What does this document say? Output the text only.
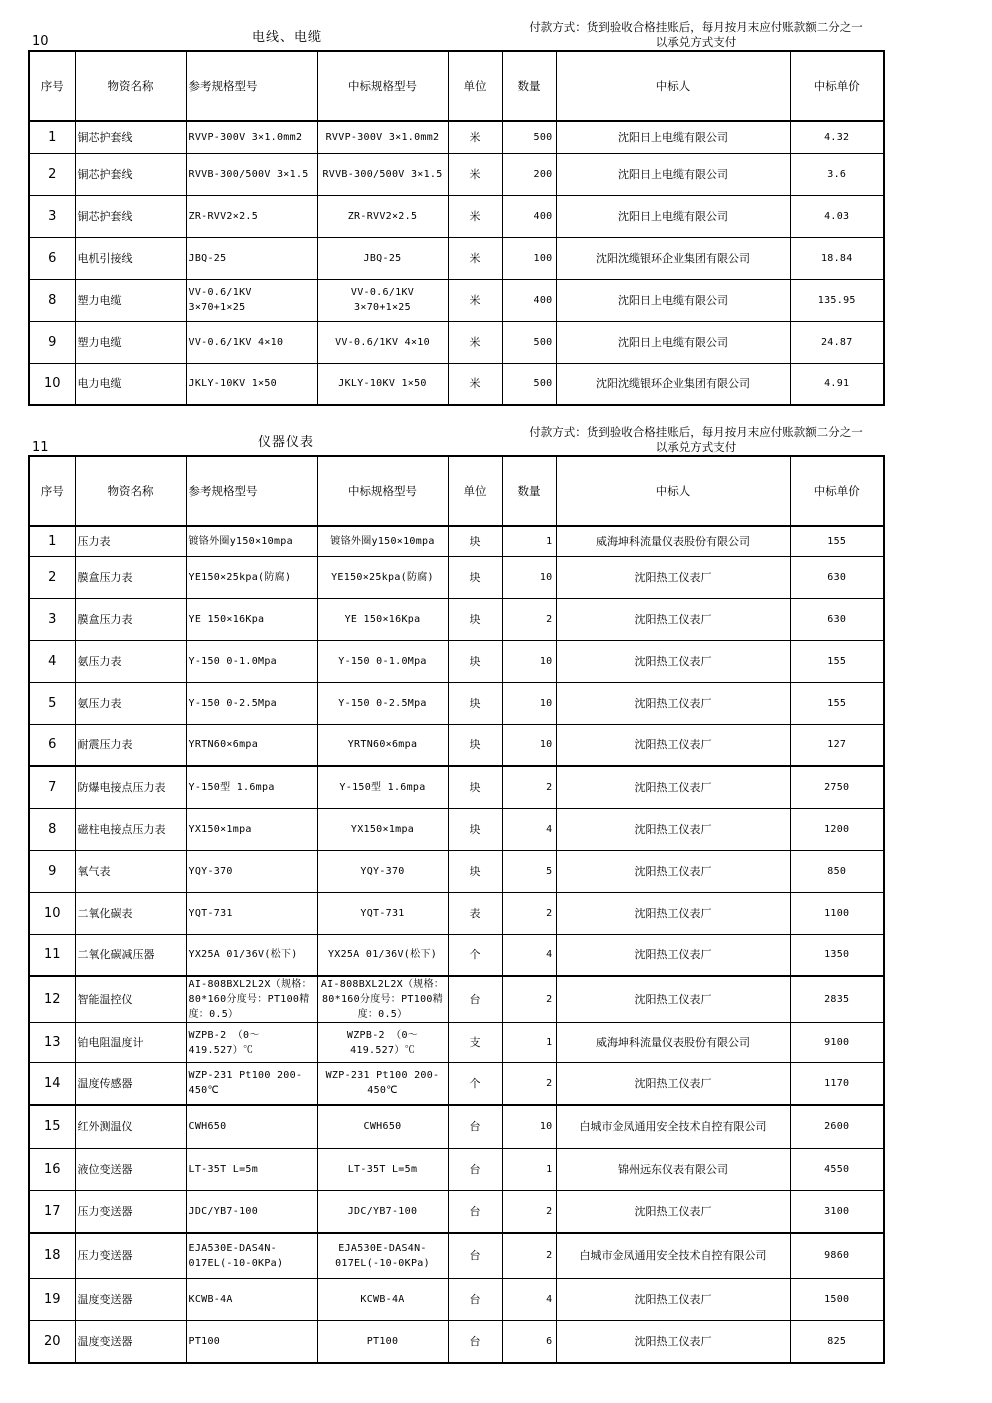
10	电线、电缆
付款方式：货到验收合格挂账后，每月按月末应付账款额二分之一
以承兑方式支付
序号	物资名称	参考规格型号	中标规格型号	单位	数量	中标人	中标单价
1	铜芯护套线	RVVP-300V 3×1.0mm2	RVVP-300V 3×1.0mm2	米	500	沈阳日上电缆有限公司	4.32
2	铜芯护套线	RVVB-300/500V 3×1.5	RVVB-300/500V 3×1.5	米	200	沈阳日上电缆有限公司	3.6
3	铜芯护套线	ZR-RVV2×2.5	ZR-RVV2×2.5	米	400	沈阳日上电缆有限公司	4.03
6	电机引接线	JBQ-25	JBQ-25	米	100	沈阳沈缆银环企业集团有限公司	18.84
8	塑力电缆	VV-0.6/1KV 3×70+1×25	VV-0.6/1KV 3×70+1×25	米	400	沈阳日上电缆有限公司	135.95
9	塑力电缆	VV-0.6/1KV 4×10	VV-0.6/1KV 4×10	米	500	沈阳日上电缆有限公司	24.87
10	电力电缆	JKLY-10KV 1×50	JKLY-10KV 1×50	米	500	沈阳沈缆银环企业集团有限公司	4.91
11	仪器仪表
付款方式：货到验收合格挂账后，每月按月末应付账款额二分之一
以承兑方式支付
序号	物资名称	参考规格型号	中标规格型号	单位	数量	中标人	中标单价
1	压力表	镀铬外圈y150×10mpa	镀铬外圈y150×10mpa	块	1	威海坤科流量仪表股份有限公司	155
2	膜盒压力表	YE150×25kpa(防腐)	YE150×25kpa(防腐)	块	10	沈阳热工仪表厂	630
3	膜盒压力表	YE 150×16Kpa	YE 150×16Kpa	块	2	沈阳热工仪表厂	630
4	氨压力表	Y-150 0-1.0Mpa	Y-150 0-1.0Mpa	块	10	沈阳热工仪表厂	155
5	氨压力表	Y-150 0-2.5Mpa	Y-150 0-2.5Mpa	块	10	沈阳热工仪表厂	155
6	耐震压力表	YRTN60×6mpa	YRTN60×6mpa	块	10	沈阳热工仪表厂	127
7	防爆电接点压力表	Y-150型 1.6mpa	Y-150型 1.6mpa	块	2	沈阳热工仪表厂	2750
8	磁柱电接点压力表	YX150×1mpa	YX150×1mpa	块	4	沈阳热工仪表厂	1200
9	氧气表	YQY-370	YQY-370	块	5	沈阳热工仪表厂	850
10	二氧化碳表	YQT-731	YQT-731	表	2	沈阳热工仪表厂	1100
11	二氧化碳减压器	YX25A 01/36V(松下)	YX25A 01/36V(松下)	个	4	沈阳热工仪表厂	1350
12	智能温控仪	AI-808BXL2L2X（规格：80*160分度号：PT100精度：0.5）	AI-808BXL2L2X（规格：80*160分度号：PT100精度：0.5）	台	2	沈阳热工仪表厂	2835
13	铂电阻温度计	WZPB-2 （0～419.527）℃	WZPB-2 （0～419.527）℃	支	1	威海坤科流量仪表股份有限公司	9100
14	温度传感器	WZP-231 Pt100 200-450℃	WZP-231 Pt100 200-450℃	个	2	沈阳热工仪表厂	1170
15	红外测温仪	CWH650	CWH650	台	10	白城市金凤通用安全技术自控有限公司	2600
16	液位变送器	LT-35T L=5m	LT-35T L=5m	台	1	锦州远东仪表有限公司	4550
17	压力变送器	JDC/YB7-100	JDC/YB7-100	台	2	沈阳热工仪表厂	3100
18	压力变送器	EJA530E-DAS4N-017EL(-10-0KPa)	EJA530E-DAS4N-017EL(-10-0KPa)	台	2	白城市金凤通用安全技术自控有限公司	9860
19	温度变送器	KCWB-4A	KCWB-4A	台	4	沈阳热工仪表厂	1500
20	温度变送器	PT100	PT100	台	6	沈阳热工仪表厂	825
